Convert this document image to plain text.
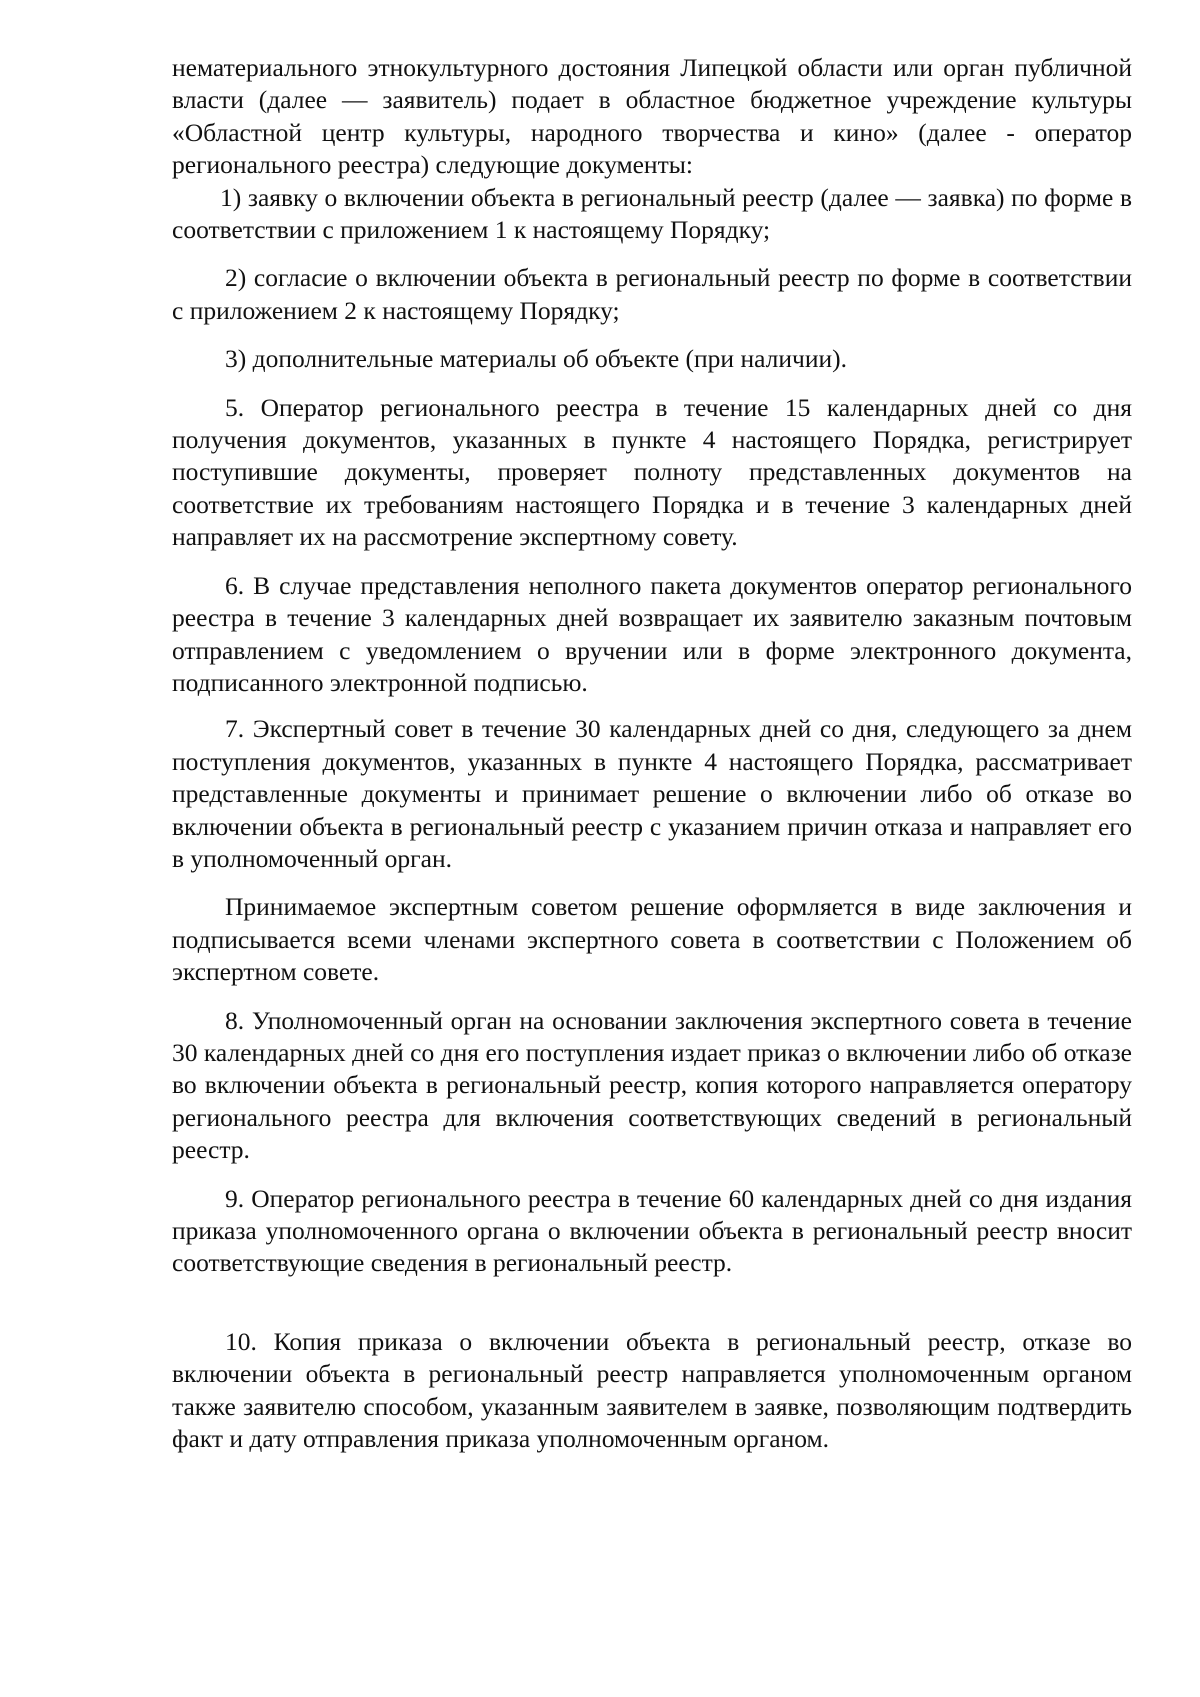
нематериального этнокультурного достояния Липецкой области или орган публичной власти (далее — заявитель) подает в областное бюджетное учреждение культуры «Областной центр культуры, народного творчества и кино» (далее - оператор регионального реестра) следующие документы:

1) заявку о включении объекта в региональный реестр (далее — заявка) по форме в соответствии с приложением 1 к настоящему Порядку;

2) согласие о включении объекта в региональный реестр по форме в соответствии с приложением 2 к настоящему Порядку;

3) дополнительные материалы об объекте (при наличии).

5. Оператор регионального реестра в течение 15 календарных дней со дня получения документов, указанных в пункте 4 настоящего Порядка, регистрирует поступившие документы, проверяет полноту представленных документов на соответствие их требованиям настоящего Порядка и в течение 3 календарных дней направляет их на рассмотрение экспертному совету.

6. В случае представления неполного пакета документов оператор регионального реестра в течение 3 календарных дней возвращает их заявителю заказным почтовым отправлением с уведомлением о вручении или в форме электронного документа, подписанного электронной подписью.

7. Экспертный совет в течение 30 календарных дней со дня, следующего за днем поступления документов, указанных в пункте 4 настоящего Порядка, рассматривает представленные документы и принимает решение о включении либо об отказе во включении объекта в региональный реестр с указанием причин отказа и направляет его в уполномоченный орган.

Принимаемое экспертным советом решение оформляется в виде заключения и подписывается всеми членами экспертного совета в соответствии с Положением об экспертном совете.

8. Уполномоченный орган на основании заключения экспертного совета в течение 30 календарных дней со дня его поступления издает приказ о включении либо об отказе во включении объекта в региональный реестр, копия которого направляется оператору регионального реестра для включения соответствующих сведений в региональный реестр.

9. Оператор регионального реестра в течение 60 календарных дней со дня издания приказа уполномоченного органа о включении объекта в региональный реестр вносит соответствующие сведения в региональный реестр.

10. Копия приказа о включении объекта в региональный реестр, отказе во включении объекта в региональный реестр направляется уполномоченным органом также заявителю способом, указанным заявителем в заявке, позволяющим подтвердить факт и дату отправления приказа уполномоченным органом.
